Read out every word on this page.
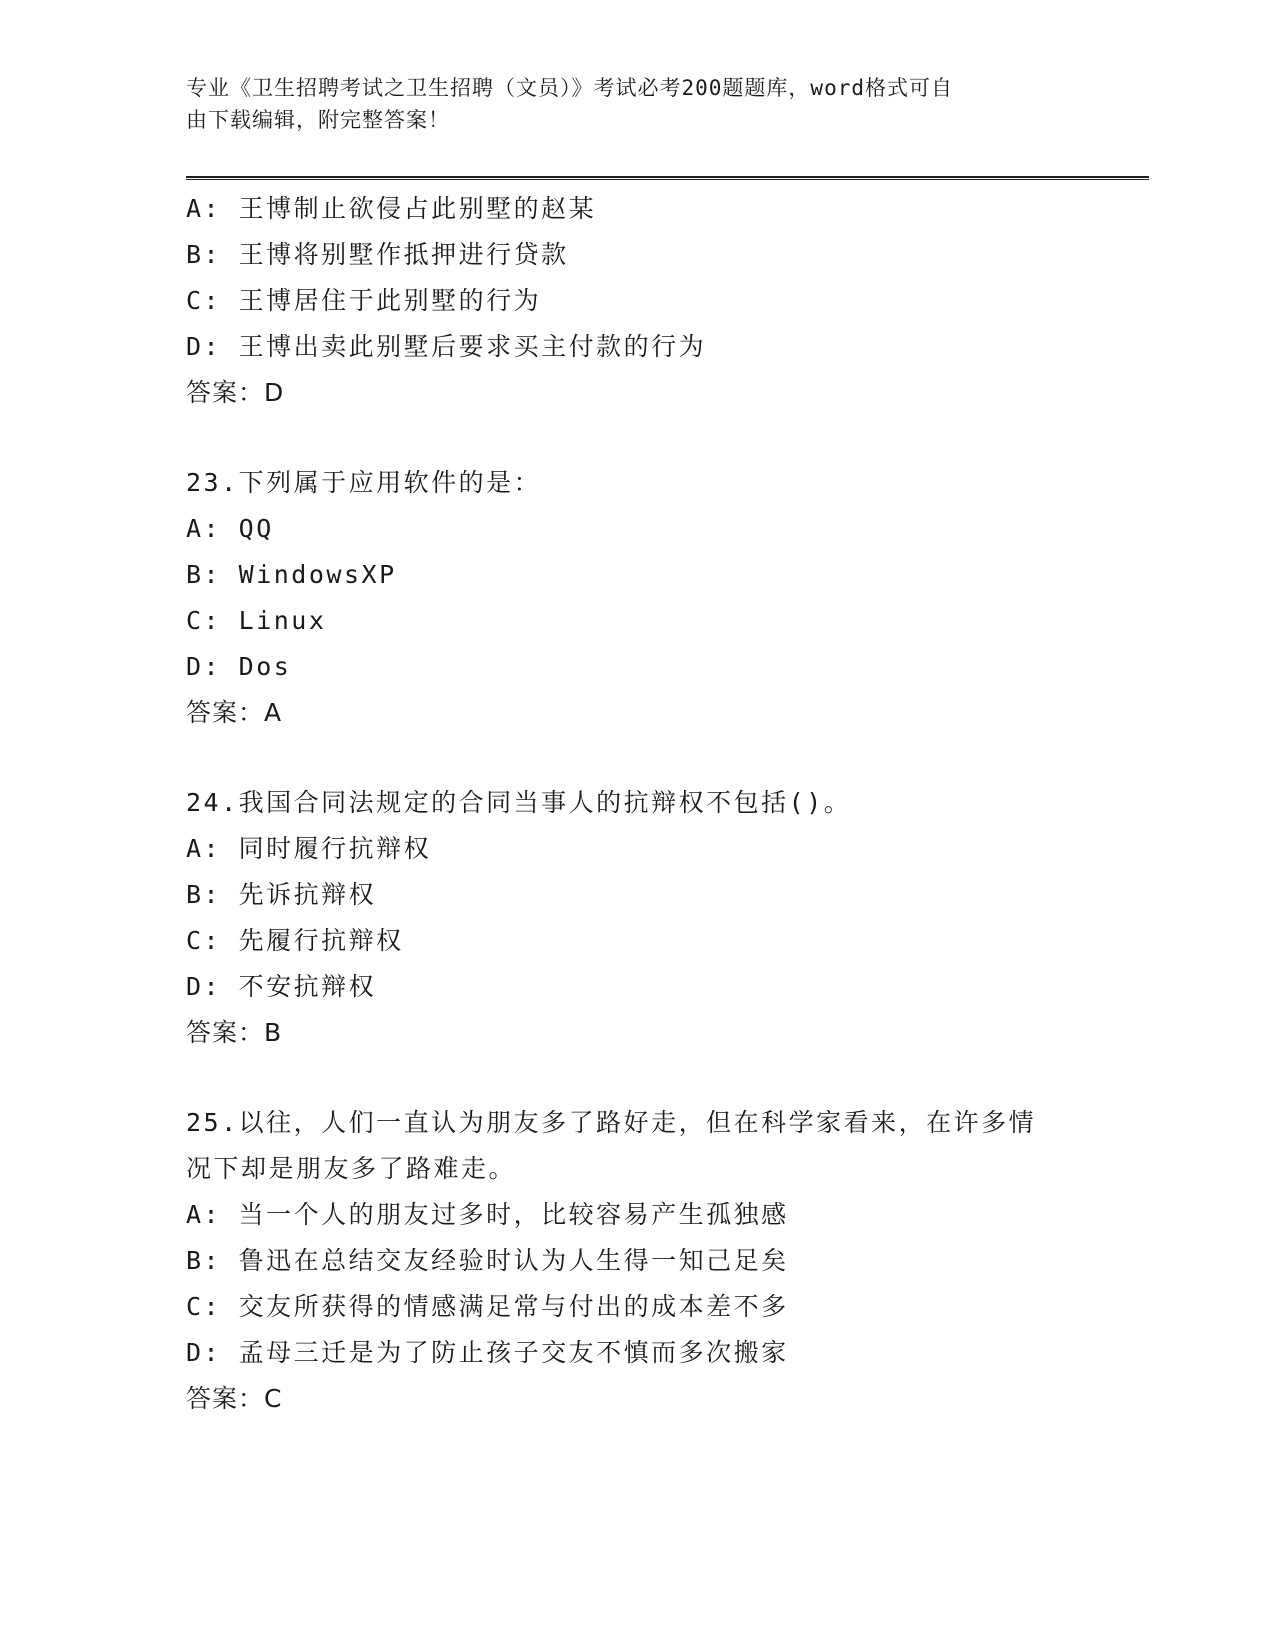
专业《卫生招聘考试之卫生招聘（文员）》考试必考200题题库，word格式可自
由下载编辑，附完整答案！
A: 王博制止欲侵占此别墅的赵某
B: 王博将别墅作抵押进行贷款
C: 王博居住于此别墅的行为
D: 王博出卖此别墅后要求买主付款的行为
答案：D
23.下列属于应用软件的是：
A: QQ
B: WindowsXP
C: Linux
D: Dos
答案：A
24.我国合同法规定的合同当事人的抗辩权不包括()。
A: 同时履行抗辩权
B: 先诉抗辩权
C: 先履行抗辩权
D: 不安抗辩权
答案：B
25.以往，人们一直认为朋友多了路好走，但在科学家看来，在许多情
况下却是朋友多了路难走。
A: 当一个人的朋友过多时，比较容易产生孤独感
B: 鲁迅在总结交友经验时认为人生得一知己足矣
C: 交友所获得的情感满足常与付出的成本差不多
D: 孟母三迁是为了防止孩子交友不慎而多次搬家
答案：C
